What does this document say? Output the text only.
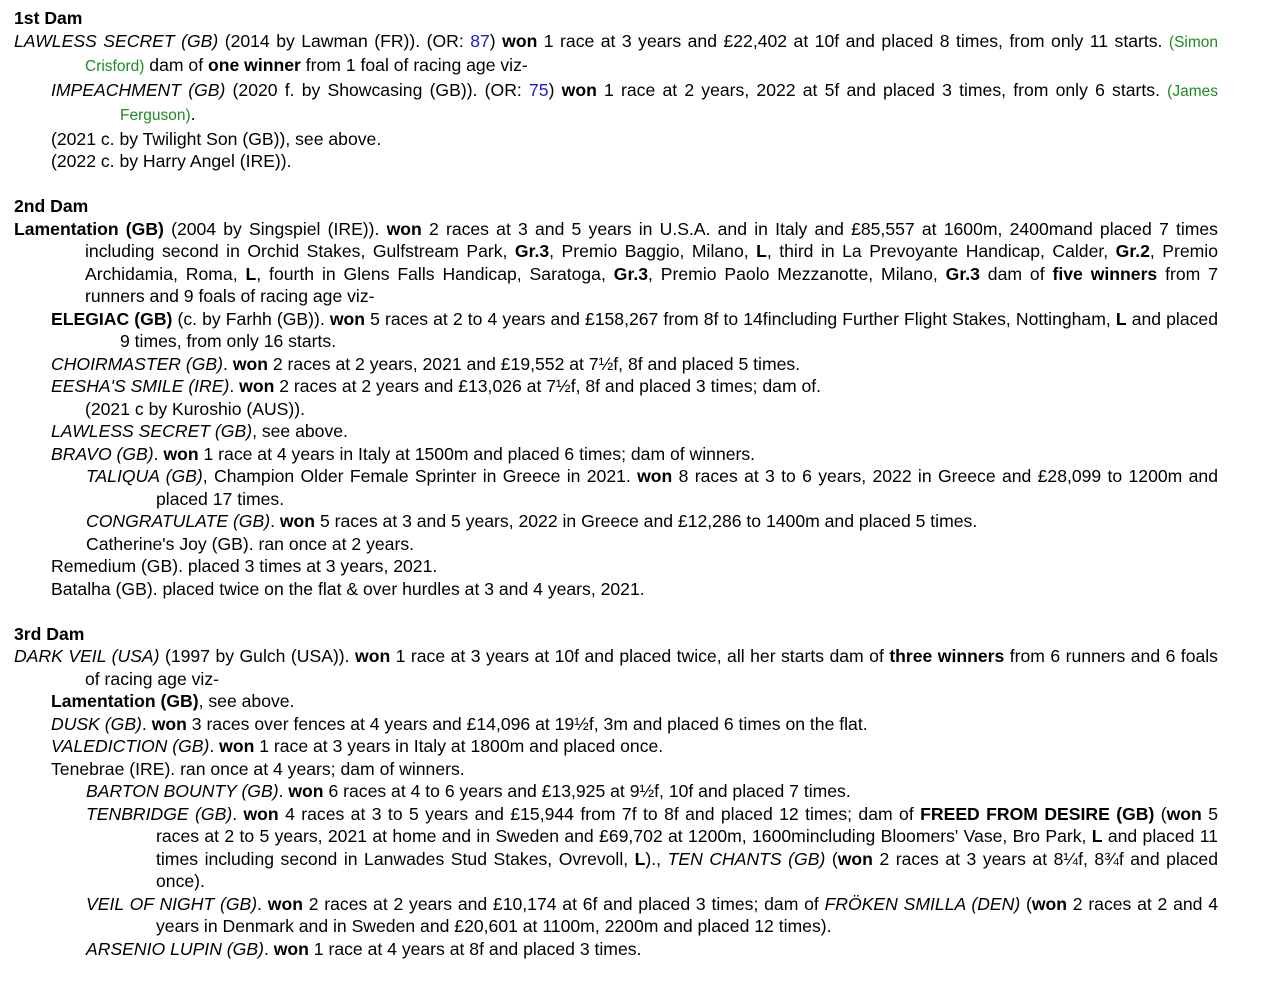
1st Dam
LAWLESS SECRET (GB) (2014 by Lawman (FR)). (OR: 87) won 1 race at 3 years and £22,402 at 10f and placed 8 times, from only 11 starts. (Simon Crisford) dam of one winner from 1 foal of racing age viz-
IMPEACHMENT (GB) (2020 f. by Showcasing (GB)). (OR: 75) won 1 race at 2 years, 2022 at 5f and placed 3 times, from only 6 starts. (James Ferguson).
(2021 c. by Twilight Son (GB)), see above.
(2022 c. by Harry Angel (IRE)).
2nd Dam
Lamentation (GB) (2004 by Singspiel (IRE)). won 2 races at 3 and 5 years in U.S.A. and in Italy and £85,557 at 1600m, 2400mand placed 7 times including second in Orchid Stakes, Gulfstream Park, Gr.3, Premio Baggio, Milano, L, third in La Prevoyante Handicap, Calder, Gr.2, Premio Archidamia, Roma, L, fourth in Glens Falls Handicap, Saratoga, Gr.3, Premio Paolo Mezzanotte, Milano, Gr.3 dam of five winners from 7 runners and 9 foals of racing age viz-
ELEGIAC (GB) (c. by Farhh (GB)). won 5 races at 2 to 4 years and £158,267 from 8f to 14fincluding Further Flight Stakes, Nottingham, L and placed 9 times, from only 16 starts.
CHOIRMASTER (GB). won 2 races at 2 years, 2021 and £19,552 at 7½f, 8f and placed 5 times.
EESHA'S SMILE (IRE). won 2 races at 2 years and £13,026 at 7½f, 8f and placed 3 times; dam of.
(2021 c by Kuroshio (AUS)).
LAWLESS SECRET (GB), see above.
BRAVO (GB). won 1 race at 4 years in Italy at 1500m and placed 6 times; dam of winners.
TALIQUA (GB), Champion Older Female Sprinter in Greece in 2021. won 8 races at 3 to 6 years, 2022 in Greece and £28,099 to 1200m and placed 17 times.
CONGRATULATE (GB). won 5 races at 3 and 5 years, 2022 in Greece and £12,286 to 1400m and placed 5 times.
Catherine's Joy (GB). ran once at 2 years.
Remedium (GB). placed 3 times at 3 years, 2021.
Batalha (GB). placed twice on the flat & over hurdles at 3 and 4 years, 2021.
3rd Dam
DARK VEIL (USA) (1997 by Gulch (USA)). won 1 race at 3 years at 10f and placed twice, all her starts dam of three winners from 6 runners and 6 foals of racing age viz-
Lamentation (GB), see above.
DUSK (GB). won 3 races over fences at 4 years and £14,096 at 19½f, 3m and placed 6 times on the flat.
VALEDICTION (GB). won 1 race at 3 years in Italy at 1800m and placed once.
Tenebrae (IRE). ran once at 4 years; dam of winners.
BARTON BOUNTY (GB). won 6 races at 4 to 6 years and £13,925 at 9½f, 10f and placed 7 times.
TENBRIDGE (GB). won 4 races at 3 to 5 years and £15,944 from 7f to 8f and placed 12 times; dam of FREED FROM DESIRE (GB) (won 5 races at 2 to 5 years, 2021 at home and in Sweden and £69,702 at 1200m, 1600mincluding Bloomers' Vase, Bro Park, L and placed 11 times including second in Lanwades Stud Stakes, Ovrevoll, L)., TEN CHANTS (GB) (won 2 races at 3 years at 8¼f, 8¾f and placed once).
VEIL OF NIGHT (GB). won 2 races at 2 years and £10,174 at 6f and placed 3 times; dam of FRÖKEN SMILLA (DEN) (won 2 races at 2 and 4 years in Denmark and in Sweden and £20,601 at 1100m, 2200m and placed 12 times).
ARSENIO LUPIN (GB). won 1 race at 4 years at 8f and placed 3 times.
